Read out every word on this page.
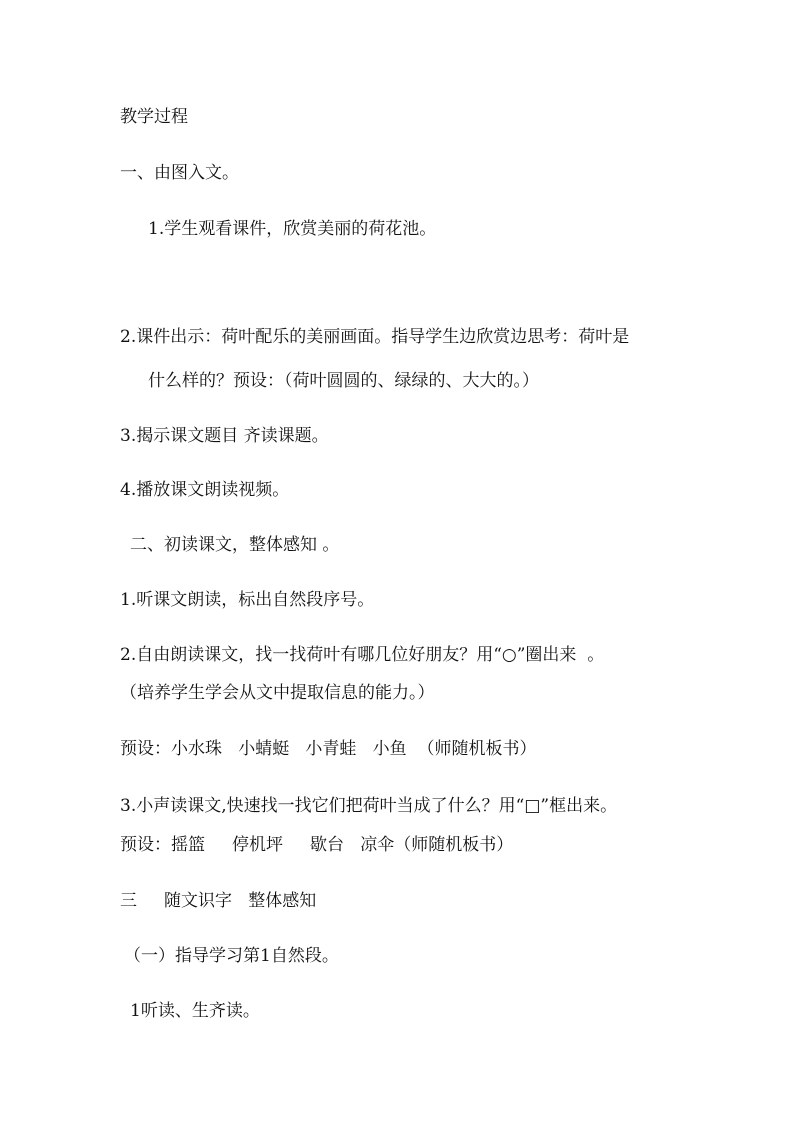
教学过程
一、由图入文。
1.学生观看课件，欣赏美丽的荷花池。
2.课件出示：荷叶配乐的美丽画面。指导学生边欣赏边思考：荷叶是
什么样的？预设：（荷叶圆圆的、绿绿的、大大的。）
3.揭示课文题目 齐读课题。
4.播放课文朗读视频。
二、初读课文，整体感知 。
1.听课文朗读，标出自然段序号。
2.自由朗读课文，找一找荷叶有哪几位好朋友？用“○”圈出来  。
（培养学生学会从文中提取信息的能力。）
预设：小水珠   小蜻蜓   小青蛙   小鱼  （师随机板书）
3.小声读课文,快速找一找它们把荷叶当成了什么？用“□”框出来。
预设：摇篮     停机坪     歇台   凉伞（师随机板书）
三     随文识字   整体感知
（一）指导学习第1自然段。
1听读、生齐读。
